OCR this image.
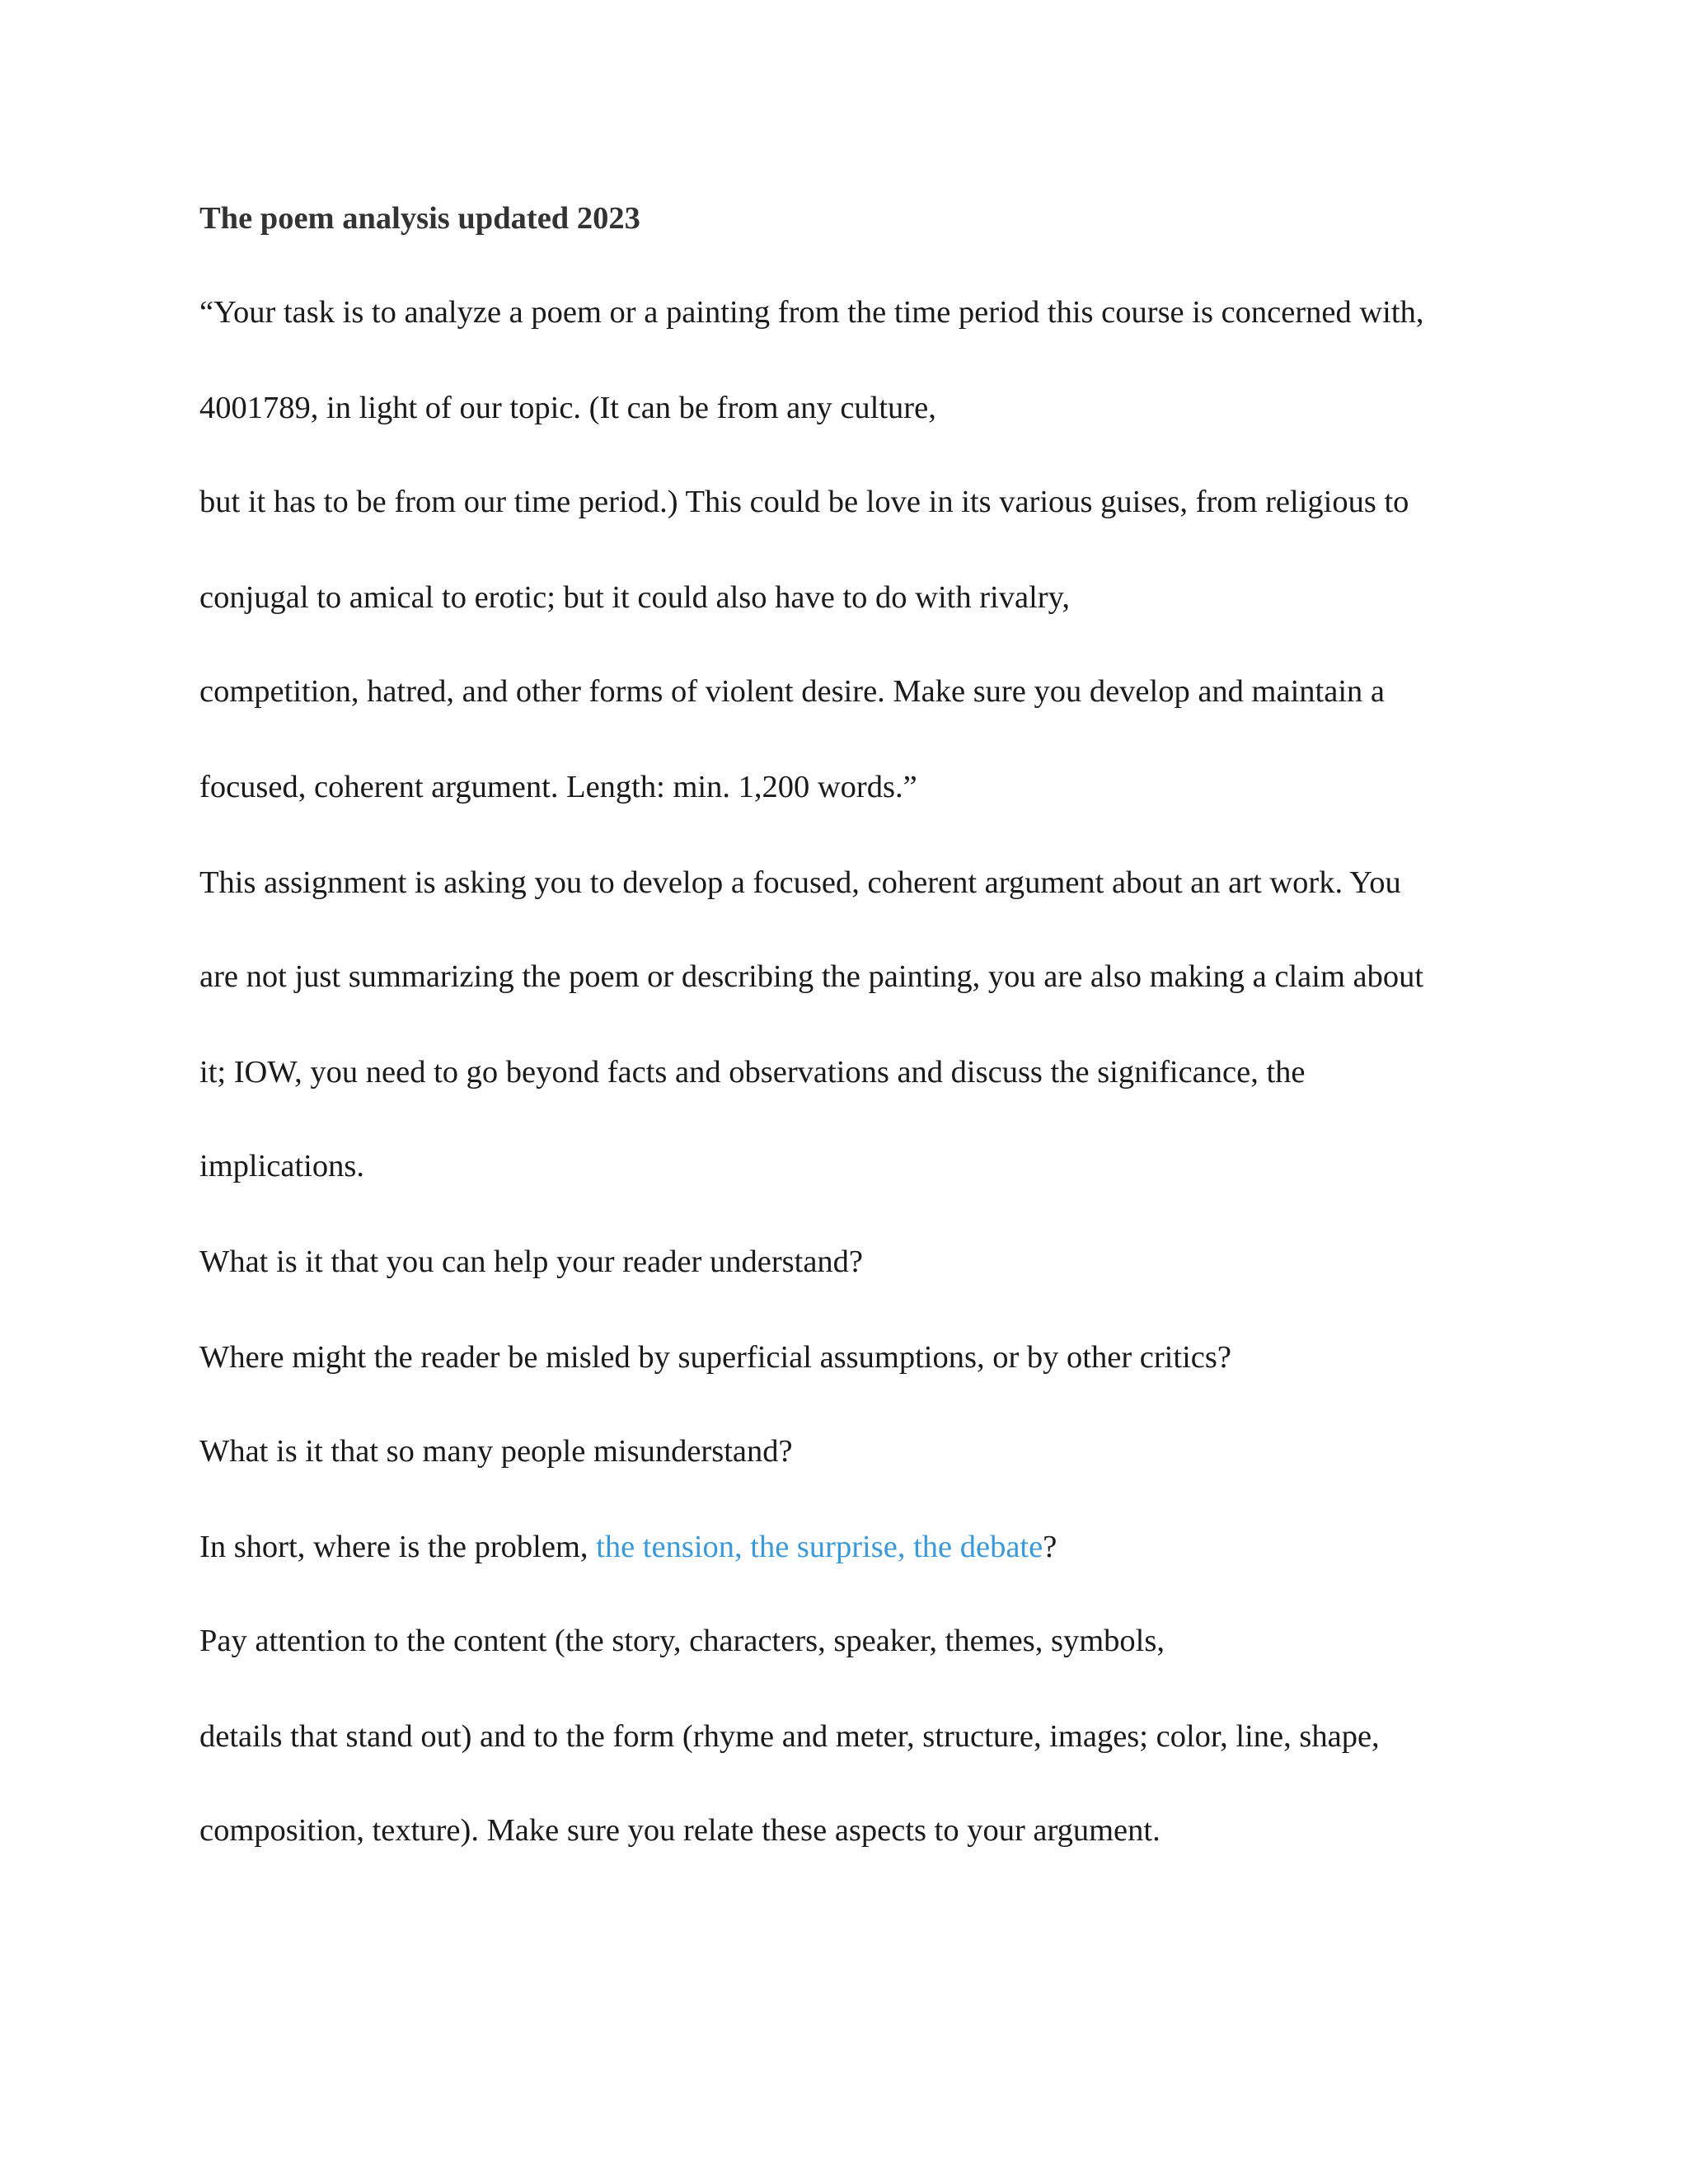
The poem analysis updated 2023
“Your task is to analyze a poem or a painting from the time period this course is concerned with,
4001789, in light of our topic. (It can be from any culture,
but it has to be from our time period.) This could be love in its various guises, from religious to
conjugal to amical to erotic; but it could also have to do with rivalry,
competition, hatred, and other forms of violent desire. Make sure you develop and maintain a
focused, coherent argument. Length: min. 1,200 words.”
This assignment is asking you to develop a focused, coherent argument about an art work. You
are not just summarizing the poem or describing the painting, you are also making a claim about
it; IOW, you need to go beyond facts and observations and discuss the significance, the
implications.
What is it that you can help your reader understand?
Where might the reader be misled by superficial assumptions, or by other critics?
What is it that so many people misunderstand?
In short, where is the problem, the tension, the surprise, the debate?
Pay attention to the content (the story, characters, speaker, themes, symbols,
details that stand out) and to the form (rhyme and meter, structure, images; color, line, shape,
composition, texture). Make sure you relate these aspects to your argument.
